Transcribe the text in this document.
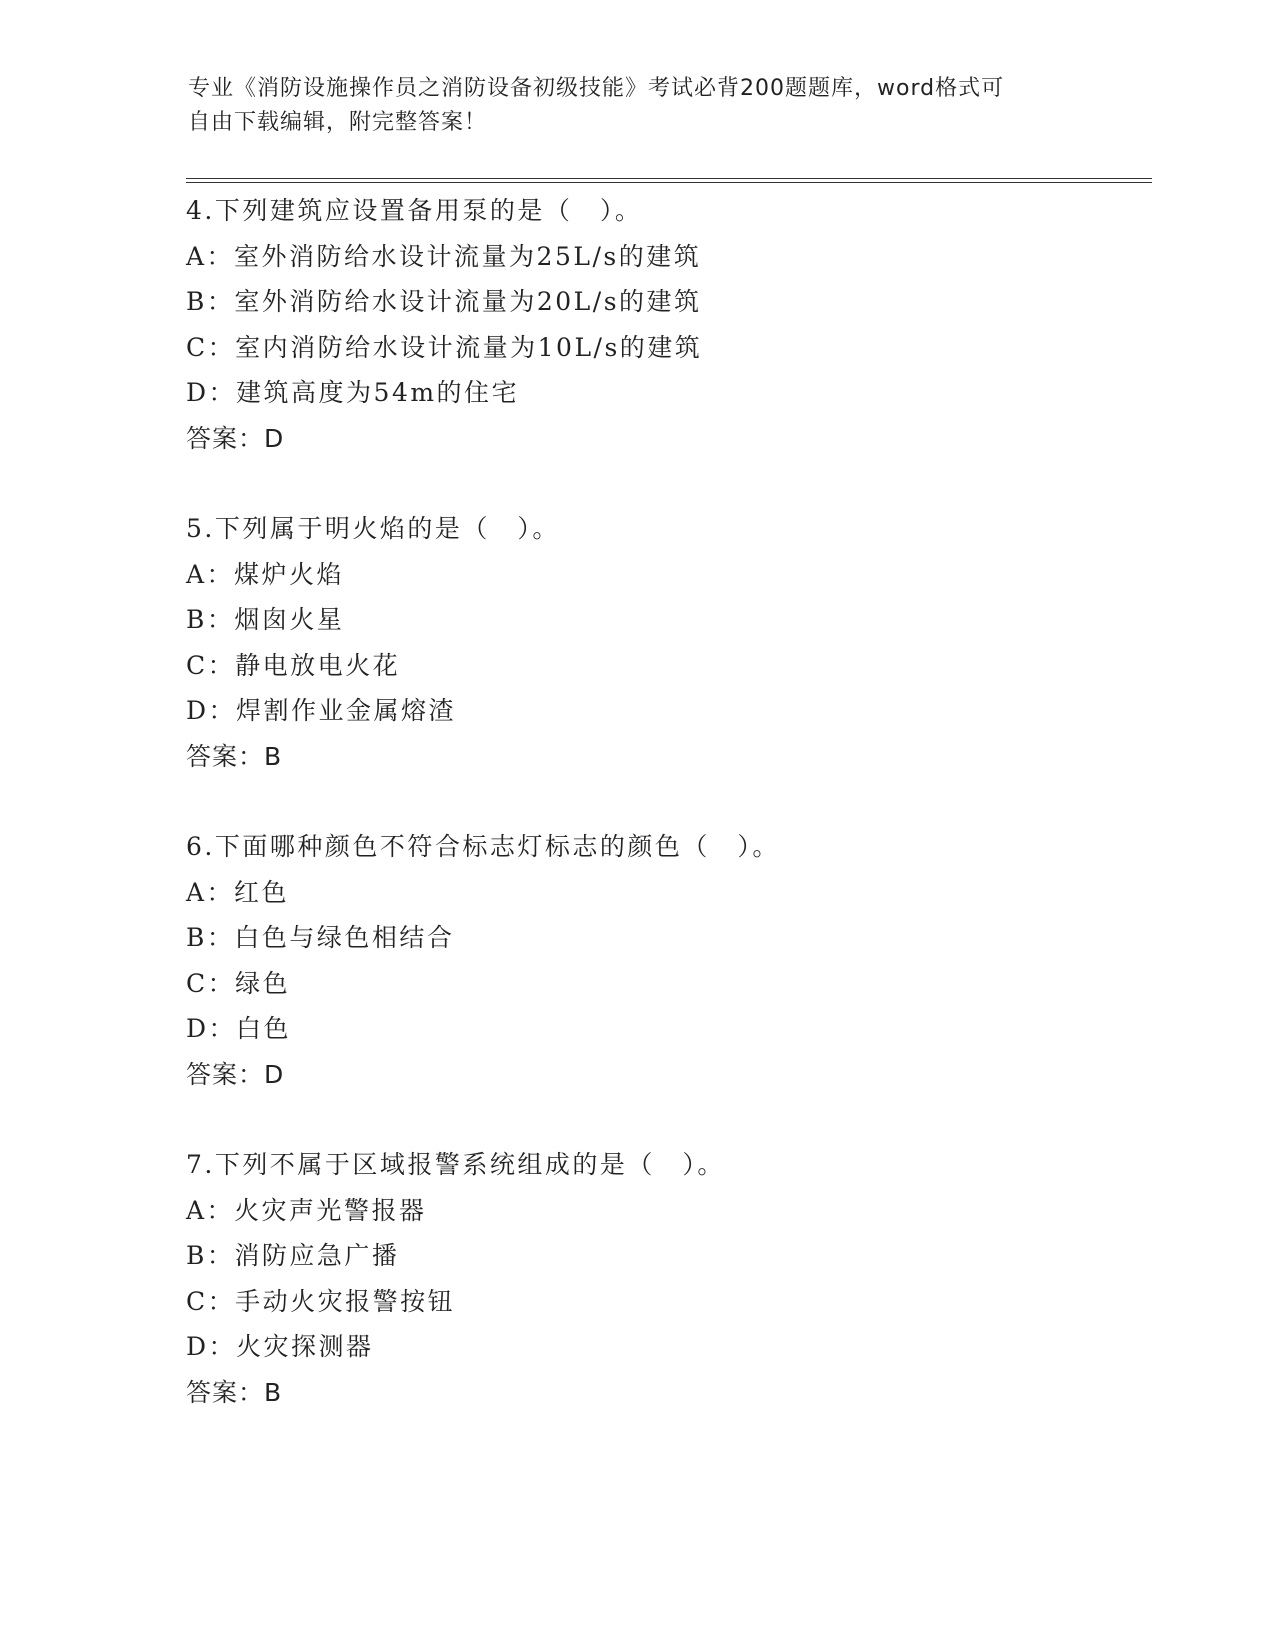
专业《消防设施操作员之消防设备初级技能》考试必背200题题库，word格式可
自由下载编辑，附完整答案！
4.下列建筑应设置备用泵的是（　）。
A：室外消防给水设计流量为25L/s的建筑
B：室外消防给水设计流量为20L/s的建筑
C：室内消防给水设计流量为10L/s的建筑
D：建筑高度为54m的住宅
答案：D
5.下列属于明火焰的是（　）。
A：煤炉火焰
B：烟囱火星
C：静电放电火花
D：焊割作业金属熔渣
答案：B
6.下面哪种颜色不符合标志灯标志的颜色（　）。
A：红色
B：白色与绿色相结合
C：绿色
D：白色
答案：D
7.下列不属于区域报警系统组成的是（　）。
A：火灾声光警报器
B：消防应急广播
C：手动火灾报警按钮
D：火灾探测器
答案：B
